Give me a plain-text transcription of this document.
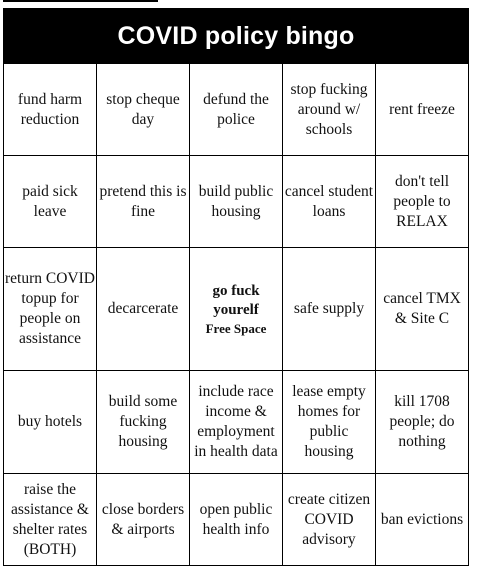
COVID policy bingo
fund harm reduction
stop cheque day
defund the police
stop fucking around w/ schools
rent freeze
paid sick leave
pretend this is fine
build public housing
cancel student loans
don't tell people to RELAX
return COVID topup for people on assistance
decarcerate
go fuck yourelf
Free Space
safe supply
cancel TMX & Site C
buy hotels
build some fucking housing
include race income & employment in health data
lease empty homes for public housing
kill 1708 people; do nothing
raise the assistance & shelter rates (BOTH)
close borders & airports
open public health info
create citizen COVID advisory
ban evictions
